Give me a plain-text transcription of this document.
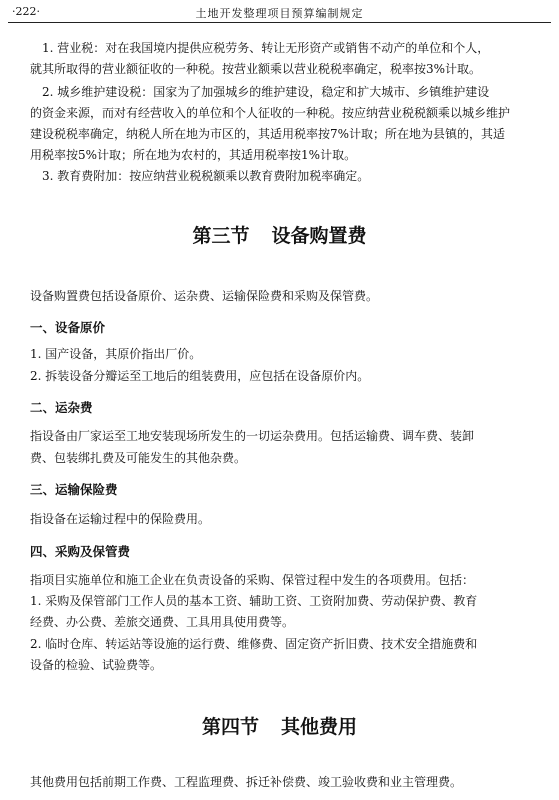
·222·	土地开发整理项目预算编制规定

1. 营业税：对在我国境内提供应税劳务、转让无形资产或销售不动产的单位和个人，

就其所取得的营业额征收的一种税。按营业额乘以营业税税率确定，税率按3%计取。

2. 城乡维护建设税：国家为了加强城乡的维护建设，稳定和扩大城市、乡镇维护建设

的资金来源，而对有经营收入的单位和个人征收的一种税。按应纳营业税税额乘以城乡维护

建设税税率确定，纳税人所在地为市区的，其适用税率按7%计取；所在地为县镇的，其适

用税率按5%计取；所在地为农村的，其适用税率按1%计取。

3. 教育费附加：按应纳营业税税额乘以教育费附加税率确定。

第三节 设备购置费

设备购置费包括设备原价、运杂费、运输保险费和采购及保管费。

一、设备原价

1. 国产设备，其原价指出厂价。

2. 拆装设备分瓣运至工地后的组装费用，应包括在设备原价内。

二、运杂费

指设备由厂家运至工地安装现场所发生的一切运杂费用。包括运输费、调车费、装卸

费、包装绑扎费及可能发生的其他杂费。

三、运输保险费

指设备在运输过程中的保险费用。

四、采购及保管费

指项目实施单位和施工企业在负责设备的采购、保管过程中发生的各项费用。包括：

1. 采购及保管部门工作人员的基本工资、辅助工资、工资附加费、劳动保护费、教育

经费、办公费、差旅交通费、工具用具使用费等。

2. 临时仓库、转运站等设施的运行费、维修费、固定资产折旧费、技术安全措施费和

设备的检验、试验费等。

第四节 其他费用

其他费用包括前期工作费、工程监理费、拆迁补偿费、竣工验收费和业主管理费。
